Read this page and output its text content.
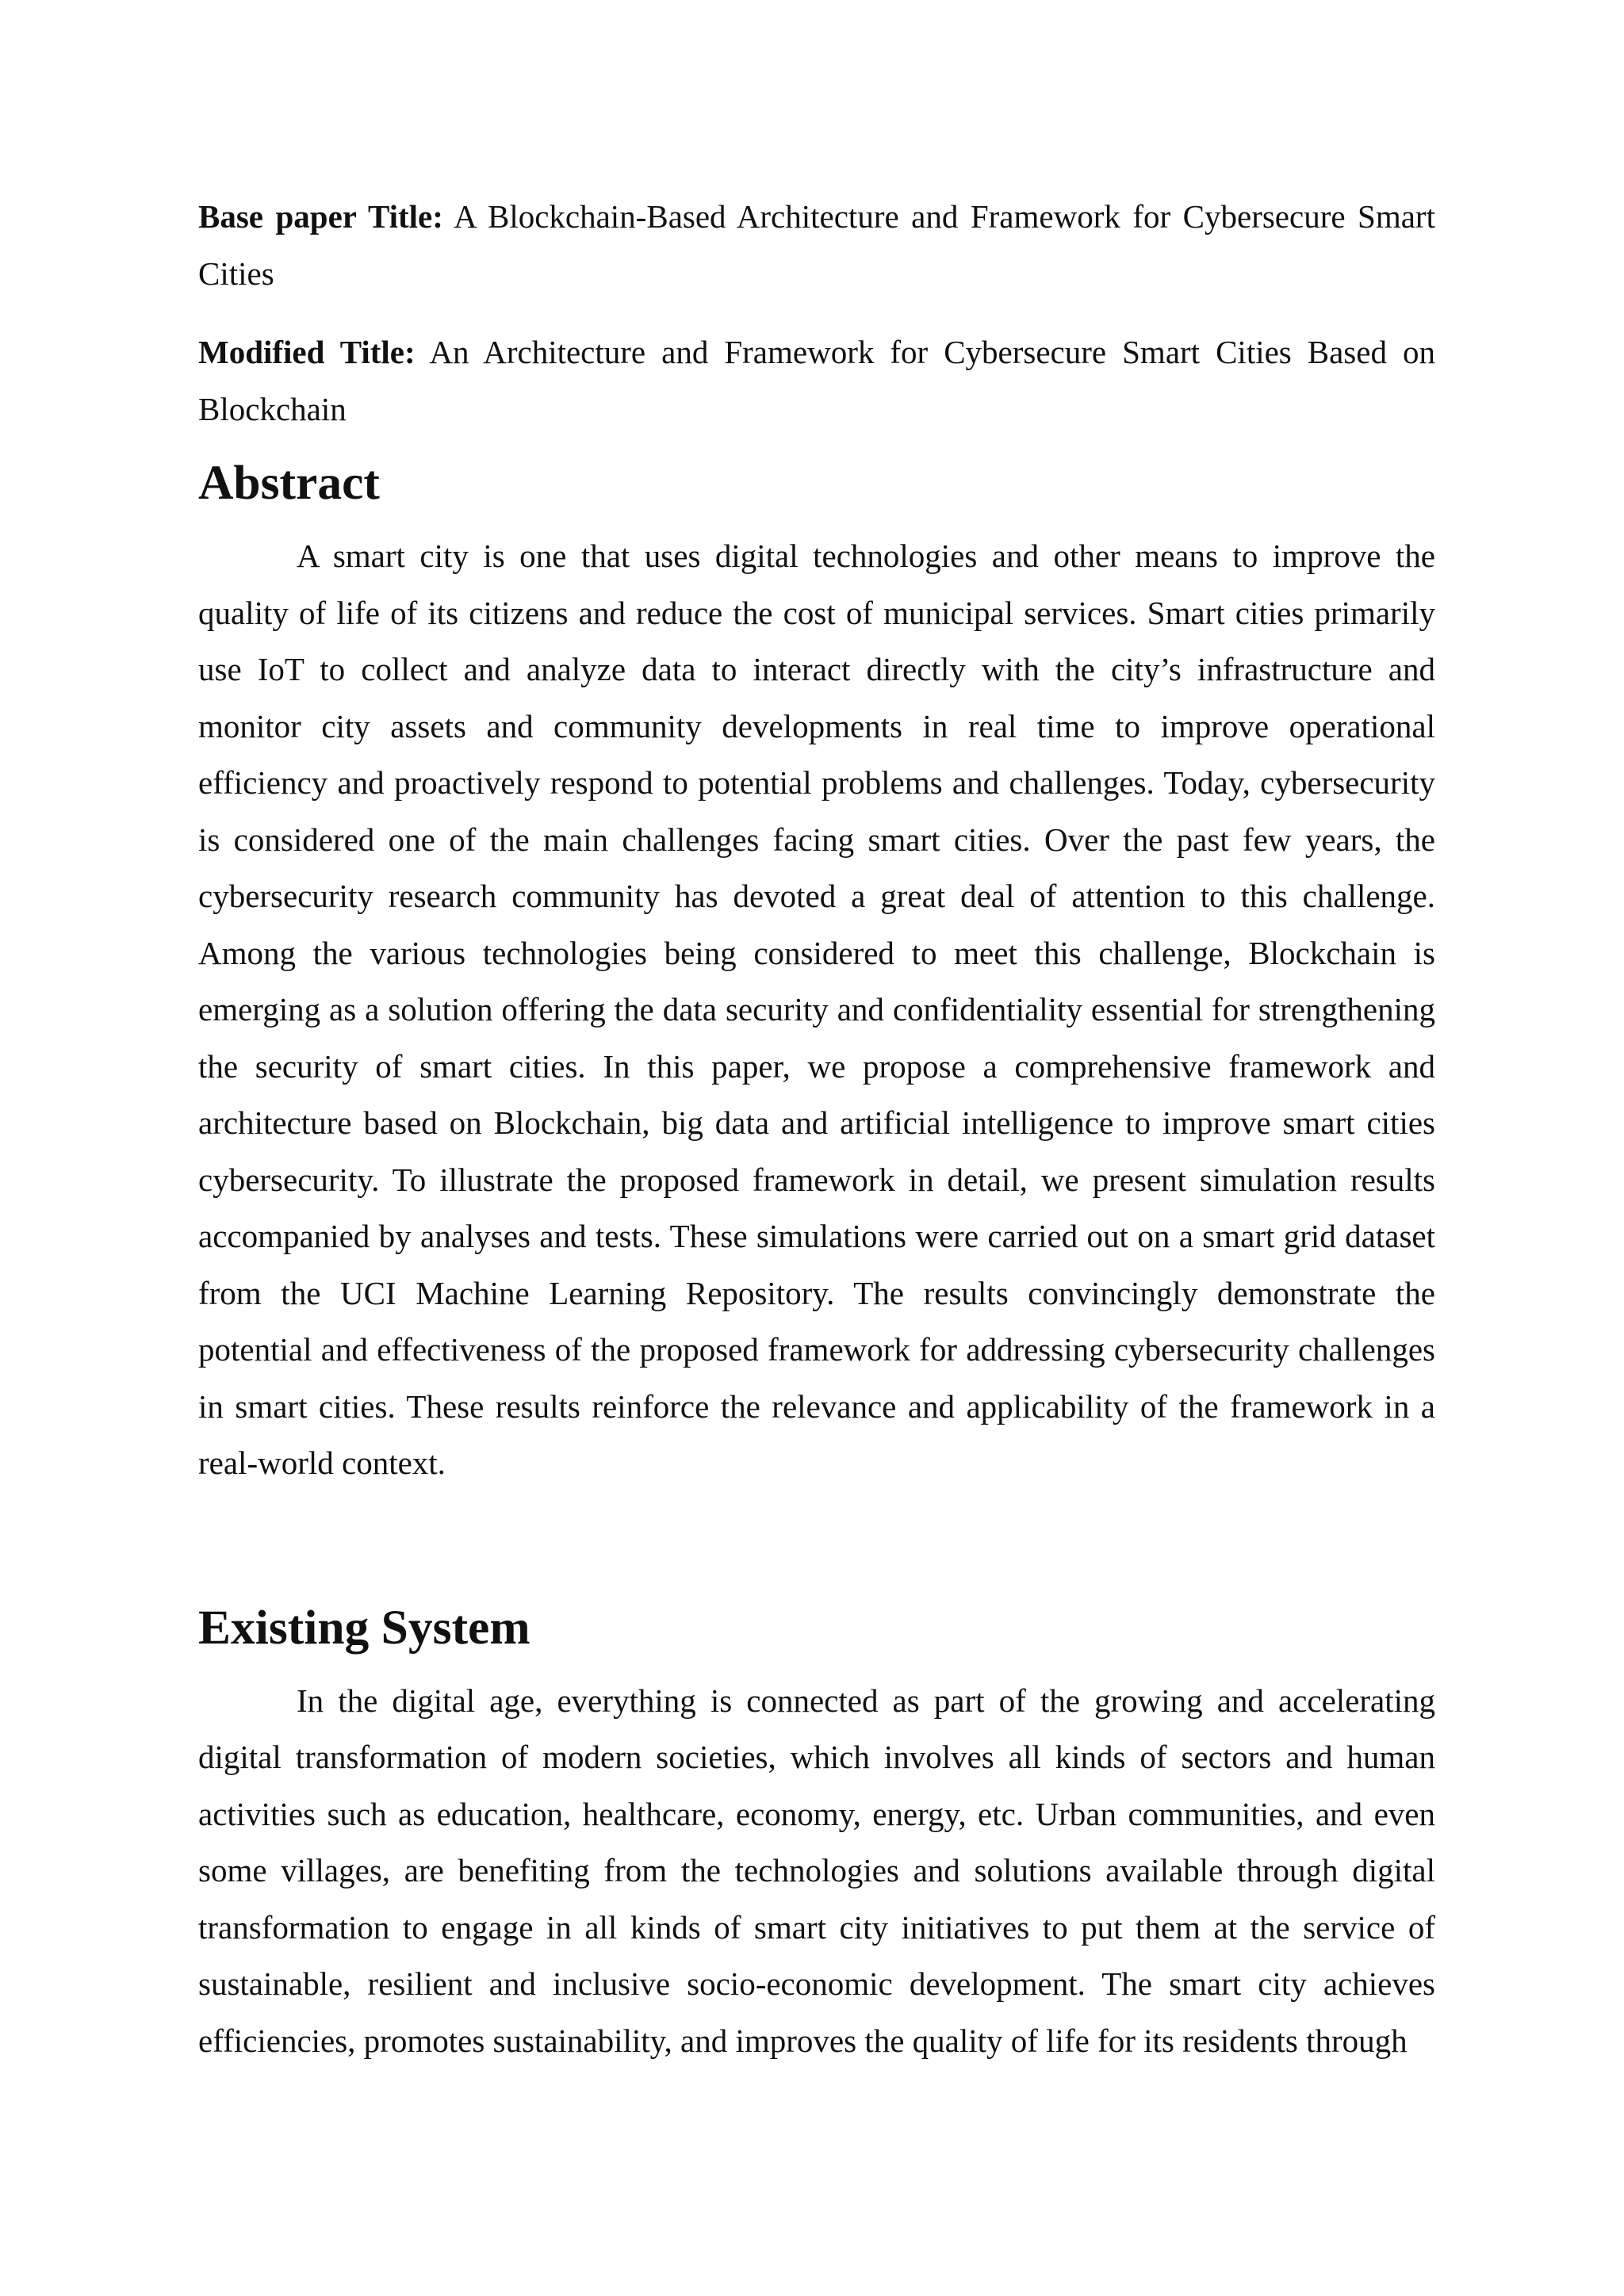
Base paper Title: A Blockchain-Based Architecture and Framework for Cybersecure Smart Cities

Modified Title: An Architecture and Framework for Cybersecure Smart Cities Based on Blockchain

Abstract

A smart city is one that uses digital technologies and other means to improve the quality of life of its citizens and reduce the cost of municipal services. Smart cities primarily use IoT to collect and analyze data to interact directly with the city’s infrastructure and monitor city assets and community developments in real time to improve operational efficiency and proactively respond to potential problems and challenges. Today, cybersecurity is considered one of the main challenges facing smart cities. Over the past few years, the cybersecurity research community has devoted a great deal of attention to this challenge. Among the various technologies being considered to meet this challenge, Blockchain is emerging as a solution offering the data security and confidentiality essential for strengthening the security of smart cities. In this paper, we propose a comprehensive framework and architecture based on Blockchain, big data and artificial intelligence to improve smart cities cybersecurity. To illustrate the proposed framework in detail, we present simulation results accompanied by analyses and tests. These simulations were carried out on a smart grid dataset from the UCI Machine Learning Repository. The results convincingly demonstrate the potential and effectiveness of the proposed framework for addressing cybersecurity challenges in smart cities. These results reinforce the relevance and applicability of the framework in a real-world context.

Existing System

In the digital age, everything is connected as part of the growing and accelerating digital transformation of modern societies, which involves all kinds of sectors and human activities such as education, healthcare, economy, energy, etc. Urban communities, and even some villages, are benefiting from the technologies and solutions available through digital transformation to engage in all kinds of smart city initiatives to put them at the service of sustainable, resilient and inclusive socio-economic development. The smart city achieves efficiencies, promotes sustainability, and improves the quality of life for its residents through
